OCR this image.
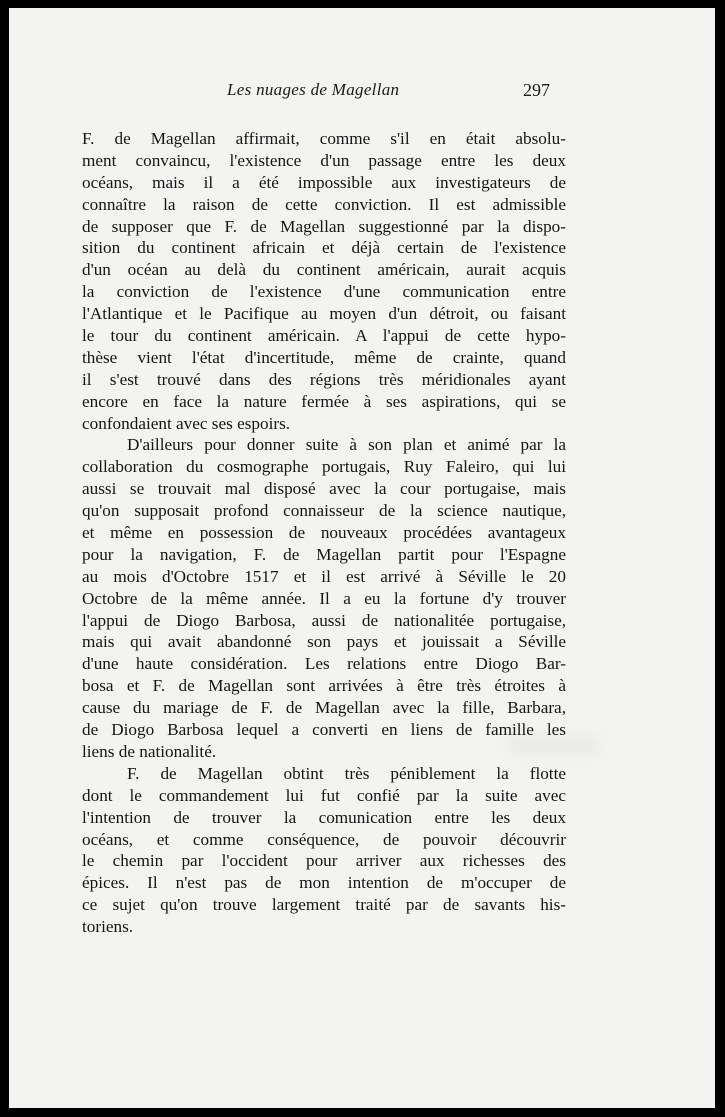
Les nuages de Magellan	297
F. de Magellan affirmait, comme s'il en était absolu-
ment convaincu, l'existence d'un passage entre les deux
océans, mais il a été impossible aux investigateurs de
connaître la raison de cette conviction. Il est admissible
de supposer que F. de Magellan suggestionné par la dispo-
sition du continent africain et déjà certain de l'existence
d'un océan au delà du continent américain, aurait acquis
la conviction de l'existence d'une communication entre
l'Atlantique et le Pacifique au moyen d'un détroit, ou faisant
le tour du continent américain. A l'appui de cette hypo-
thèse vient l'état d'incertitude, même de crainte, quand
il s'est trouvé dans des régions très méridionales ayant
encore en face la nature fermée à ses aspirations, qui se
confondaient avec ses espoirs.
D'ailleurs pour donner suite à son plan et animé par la
collaboration du cosmographe portugais, Ruy Faleiro, qui lui
aussi se trouvait mal disposé avec la cour portugaise, mais
qu'on supposait profond connaisseur de la science nautique,
et même en possession de nouveaux procédées avantageux
pour la navigation, F. de Magellan partit pour l'Espagne
au mois d'Octobre 1517 et il est arrivé à Séville le 20
Octobre de la même année. Il a eu la fortune d'y trouver
l'appui de Diogo Barbosa, aussi de nationalitée portugaise,
mais qui avait abandonné son pays et jouissait a Séville
d'une haute considération. Les relations entre Diogo Bar-
bosa et F. de Magellan sont arrivées à être très étroites à
cause du mariage de F. de Magellan avec la fille, Barbara,
de Diogo Barbosa lequel a converti en liens de famille les
liens de nationalité.
F. de Magellan obtint très péniblement la flotte
dont le commandement lui fut confié par la suite avec
l'intention de trouver la comunication entre les deux
océans, et comme conséquence, de pouvoir découvrir
le chemin par l'occident pour arriver aux richesses des
épices. Il n'est pas de mon intention de m'occuper de
ce sujet qu'on trouve largement traité par de savants his-
toriens.
